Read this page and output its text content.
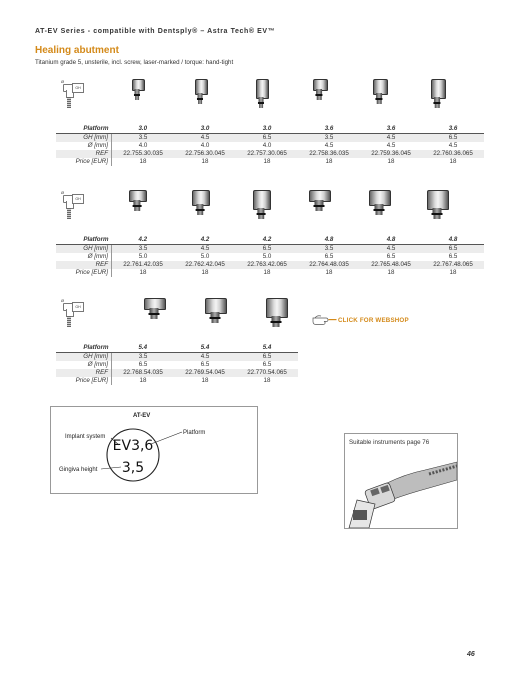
AT-EV Series - compatible with Dentsply® – Astra Tech® EV™
Healing abutment
Titanium grade 5, unsterile, incl. screw, laser-marked / torque: hand-tight
Ø
GH
Platform	3.0	3.0	3.0	3.6	3.6	3.6
GH [mm]	3.5	4.5	6.5	3.5	4.5	6.5
Ø [mm]	4.0	4.0	4.0	4.5	4.5	4.5
REF	22.755.30.035	22.756.30.045	22.757.30.065	22.758.36.035	22.759.36.045	22.760.36.065
Price [EUR]	18	18	18	18	18	18
Ø
GH
Platform	4.2	4.2	4.2	4.8	4.8	4.8
GH [mm]	3.5	4.5	6.5	3.5	4.5	6.5
Ø [mm]	5.0	5.0	5.0	6.5	6.5	6.5
REF	22.761.42.035	22.762.42.045	22.763.42.065	22.764.48.035	22.765.48.045	22.767.48.065
Price [EUR]	18	18	18	18	18	18
Ø
GH
Platform	5.4	5.4	5.4
GH [mm]	3.5	4.5	6.5
Ø [mm]	6.5	6.5	6.5
REF	22.768.54.035	22.769.54.045	22.770.54.065
Price [EUR]	18	18	18
CLICK FOR WEBSHOP
AT-EV
EV3,6
3,5
Implant system
Platform
Gingiva height
Suitable instruments page 76
46
